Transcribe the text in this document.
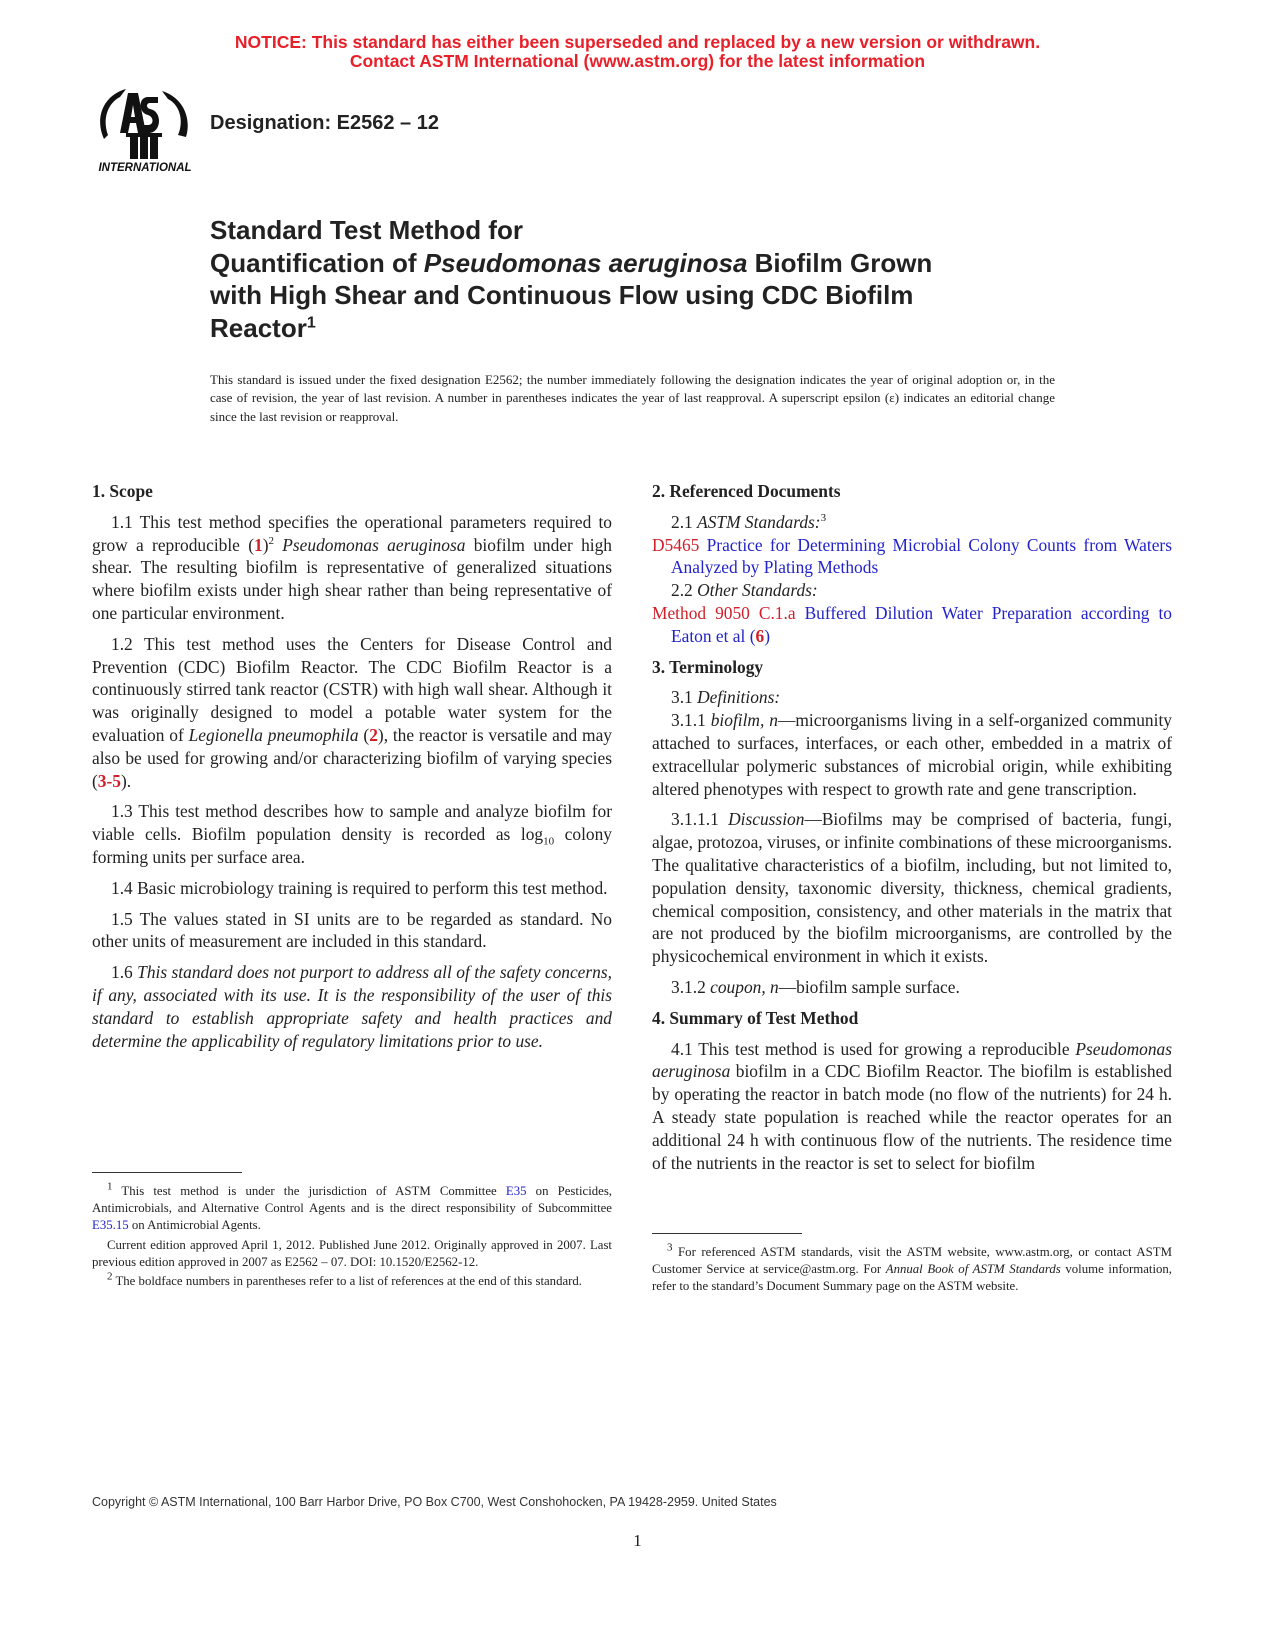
NOTICE: This standard has either been superseded and replaced by a new version or withdrawn.
Contact ASTM International (www.astm.org) for the latest information
INTERNATIONAL
Designation: E2562 – 12
Standard Test Method for
Quantification of Pseudomonas aeruginosa Biofilm Grown
with High Shear and Continuous Flow using CDC Biofilm
Reactor$^1$
This standard is issued under the fixed designation E2562; the number immediately following the designation indicates the year of original adoption or, in the case of revision, the year of last revision. A number in parentheses indicates the year of last reapproval. A superscript epsilon (ε) indicates an editorial change since the last revision or reapproval.
1. Scope

1.1 This test method specifies the operational parameters required to grow a reproducible $(1)^2$ Pseudomonas aeruginosa biofilm under high shear. The resulting biofilm is representative of generalized situations where biofilm exists under high shear rather than being representative of one particular environment.

1.2 This test method uses the Centers for Disease Control and Prevention (CDC) Biofilm Reactor. The CDC Biofilm Reactor is a continuously stirred tank reactor (CSTR) with high wall shear. Although it was originally designed to model a potable water system for the evaluation of Legionella pneumophila (2), the reactor is versatile and may also be used for growing and/or characterizing biofilm of varying species (3-5).

1.3 This test method describes how to sample and analyze biofilm for viable cells. Biofilm population density is recorded as $\log_{10}$ colony forming units per surface area.

1.4 Basic microbiology training is required to perform this test method.

1.5 The values stated in SI units are to be regarded as standard. No other units of measurement are included in this standard.

1.6 This standard does not purport to address all of the safety concerns, if any, associated with its use. It is the responsibility of the user of this standard to establish appropriate safety and health practices and determine the applicability of regulatory limitations prior to use.

2. Referenced Documents

2.1 ASTM Standards:$^3$

D5465 Practice for Determining Microbial Colony Counts from Waters Analyzed by Plating Methods

2.2 Other Standards:

Method 9050 C.1.a Buffered Dilution Water Preparation according to Eaton et al (6)
3. Terminology

3.1 Definitions:

3.1.1 biofilm, n—microorganisms living in a self-organized community attached to surfaces, interfaces, or each other, embedded in a matrix of extracellular polymeric substances of microbial origin, while exhibiting altered phenotypes with respect to growth rate and gene transcription.

3.1.1.1 Discussion—Biofilms may be comprised of bacteria, fungi, algae, protozoa, viruses, or infinite combinations of these microorganisms. The qualitative characteristics of a biofilm, including, but not limited to, population density, taxonomic diversity, thickness, chemical gradients, chemical composition, consistency, and other materials in the matrix that are not produced by the biofilm microorganisms, are controlled by the physicochemical environment in which it exists.

3.1.2 coupon, n—biofilm sample surface.

4. Summary of Test Method

4.1 This test method is used for growing a reproducible Pseudomonas aeruginosa biofilm in a CDC Biofilm Reactor. The biofilm is established by operating the reactor in batch mode (no flow of the nutrients) for 24 h. A steady state population is reached while the reactor operates for an additional 24 h with continuous flow of the nutrients. The residence time of the nutrients in the reactor is set to select for biofilm

$^1$ This test method is under the jurisdiction of ASTM Committee E35 on Pesticides, Antimicrobials, and Alternative Control Agents and is the direct responsibility of Subcommittee E35.15 on Antimicrobial Agents.

Current edition approved April 1, 2012. Published June 2012. Originally approved in 2007. Last previous edition approved in 2007 as E2562 – 07. DOI: 10.1520/E2562-12.

$^2$ The boldface numbers in parentheses refer to a list of references at the end of this standard.

$^3$ For referenced ASTM standards, visit the ASTM website, www.astm.org, or contact ASTM Customer Service at service@astm.org. For Annual Book of ASTM Standards volume information, refer to the standard’s Document Summary page on the ASTM website.

Copyright © ASTM International, 100 Barr Harbor Drive, PO Box C700, West Conshohocken, PA 19428-2959. United States
1
